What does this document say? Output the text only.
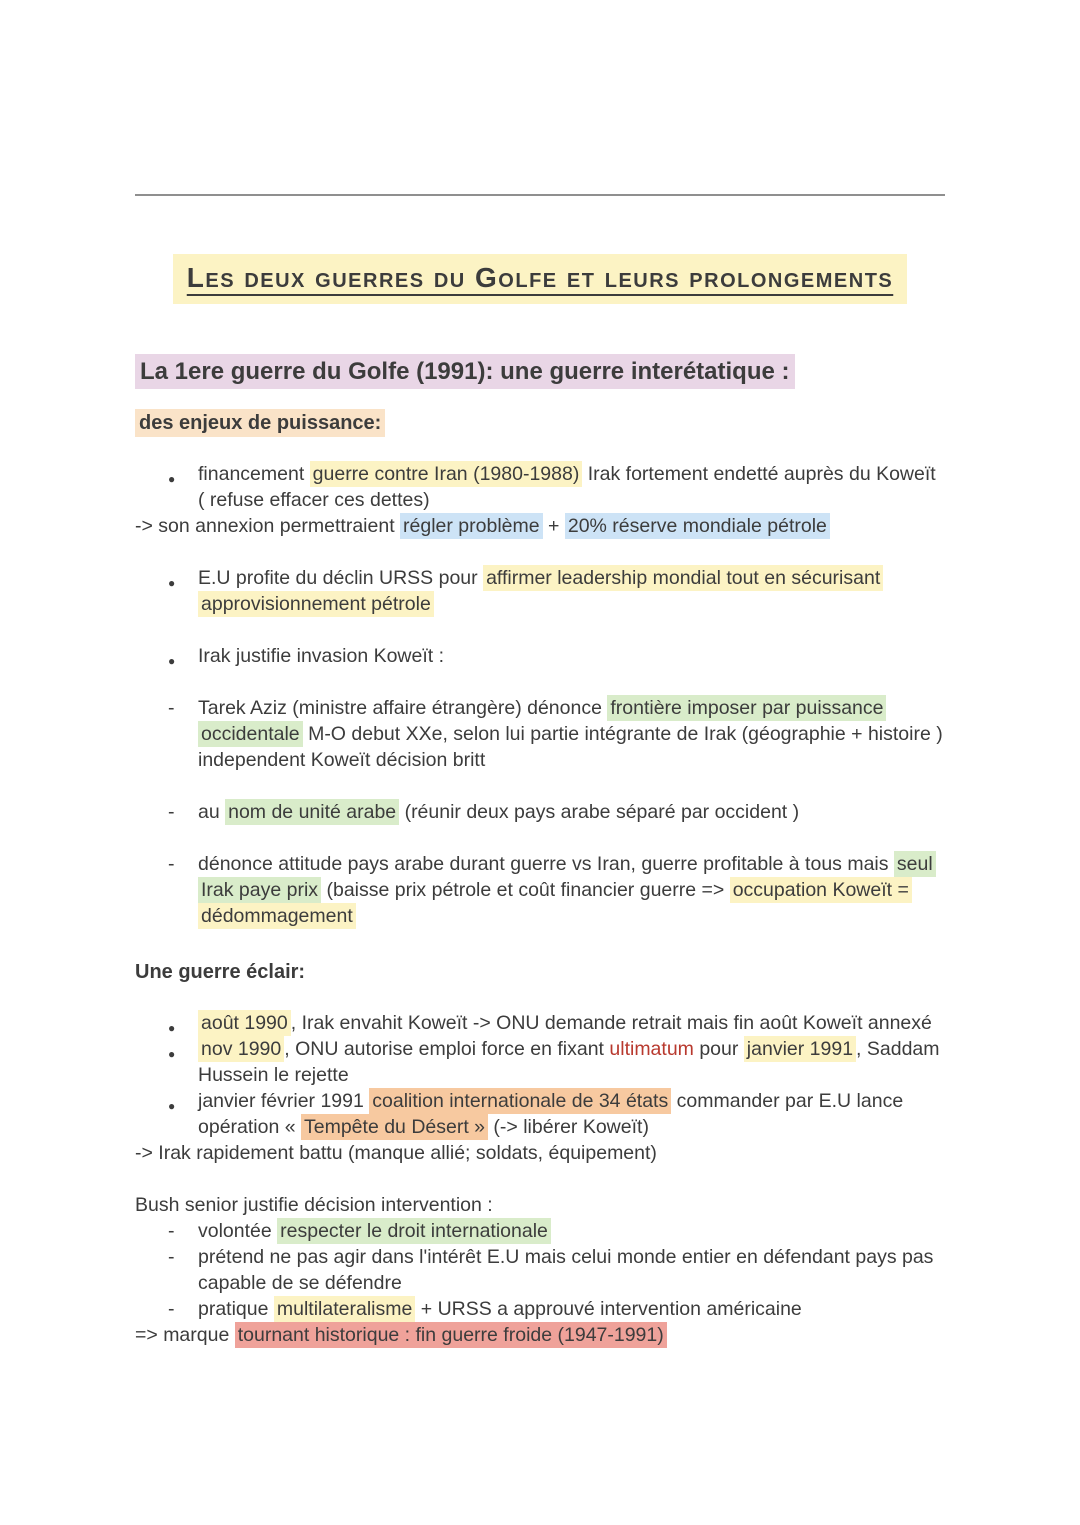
Les deux guerres du Golfe et leurs prolongements
La 1ere guerre du Golfe (1991): une guerre interétatique :
des enjeux de puissance:
● financement guerre contre Iran (1980-1988) Irak fortement endetté auprès du Koweït ( refuse effacer ces dettes)
-> son annexion permettraient régler problème + 20% réserve mondiale pétrole
● E.U profite du déclin URSS pour affirmer leadership mondial tout en sécurisant approvisionnement pétrole
● Irak justifie invasion Koweït :
- Tarek Aziz (ministre affaire étrangère) dénonce frontière imposer par puissance occidentale M-O debut XXe, selon lui partie intégrante de Irak (géographie + histoire ) independent Koweït décision britt
- au nom de unité arabe (réunir deux pays arabe séparé par occident )
- dénonce attitude pays arabe durant guerre vs Iran, guerre profitable à tous mais seul Irak paye prix (baisse prix pétrole et coût financier guerre => occupation Koweït = dédommagement
Une guerre éclair:
● août 1990 , Irak envahit Koweït -> ONU demande retrait mais fin août Koweït annexé
● nov 1990 , ONU autorise emploi force en fixant ultimatum pour janvier 1991 , Saddam Hussein le rejette
● janvier février 1991 coalition internationale de 34 états commander par E.U lance opération « Tempête du Désert » (-> libérer Koweït)
-> Irak rapidement battu (manque allié; soldats, équipement)
Bush senior justifie décision intervention :
- volontée respecter le droit internationale
- prétend ne pas agir dans l'intérêt E.U mais celui monde entier en défendant pays pas capable de se défendre
- pratique multilateralisme + URSS a approuvé intervention américaine
=> marque tournant historique : fin guerre froide (1947-1991)
